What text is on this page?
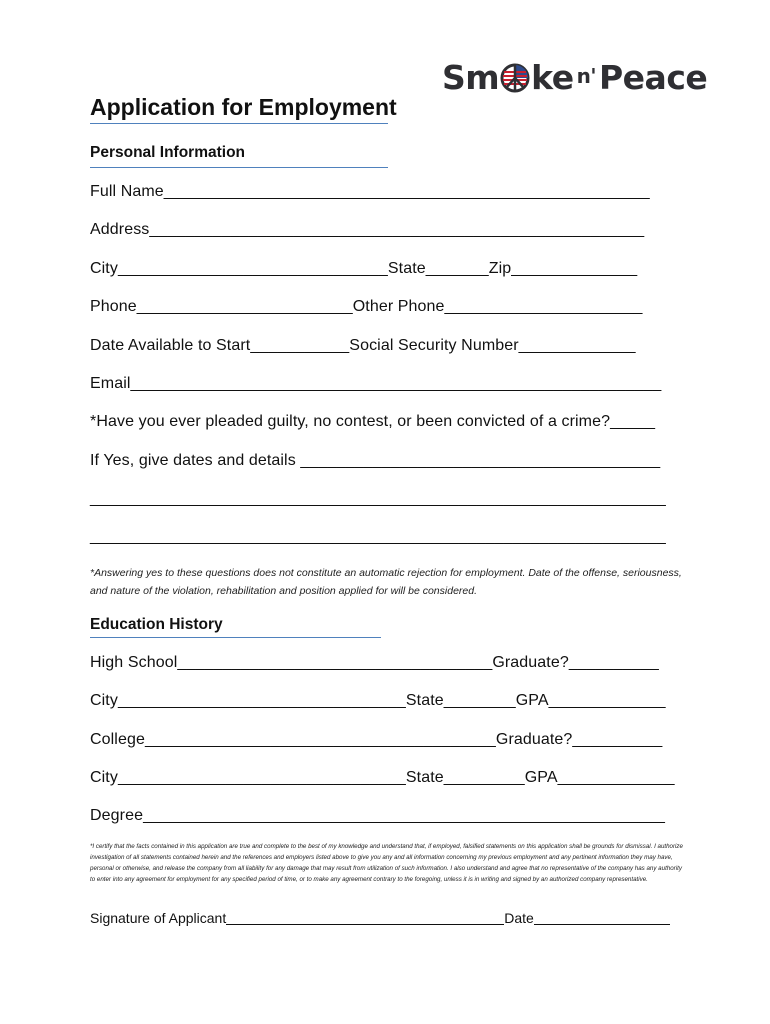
Sm ke n'Peace
Application for Employment
Personal Information
Full Name______________________________________________________
Address_______________________________________________________
City______________________________State_______Zip______________
Phone________________________Other Phone______________________
Date Available to Start___________Social Security Number_____________
Email___________________________________________________________
*Have you ever pleaded guilty, no contest, or been convicted of a crime?_____
If Yes, give dates and details ________________________________________
________________________________________________________________
________________________________________________________________
*Answering yes to these questions does not constitute an automatic rejection for employment. Date of the offense, seriousness, and nature of the violation, rehabilitation and position applied for will be considered.
Education History
High School___________________________________Graduate?__________
City________________________________State________GPA_____________
College_______________________________________Graduate?__________
City________________________________State_________GPA_____________
Degree__________________________________________________________
*I certify that the facts contained in this application are true and complete to the best of my knowledge and understand that, if employed, falsified statements on this application shall be grounds for dismissal. I authorize investigation of all statements contained herein and the references and employers listed above to give you any and all information concerning my previous employment and any pertinent information they may have, personal or otherwise, and release the company from all liability for any damage that may result from utilization of such information. I also understand and agree that no representative of the company has any authority to enter into any agreement for employment for any specified period of time, or to make any agreement contrary to the foregoing, unless it is in writing and signed by an authorized company representative.
Signature of Applicant	Date
